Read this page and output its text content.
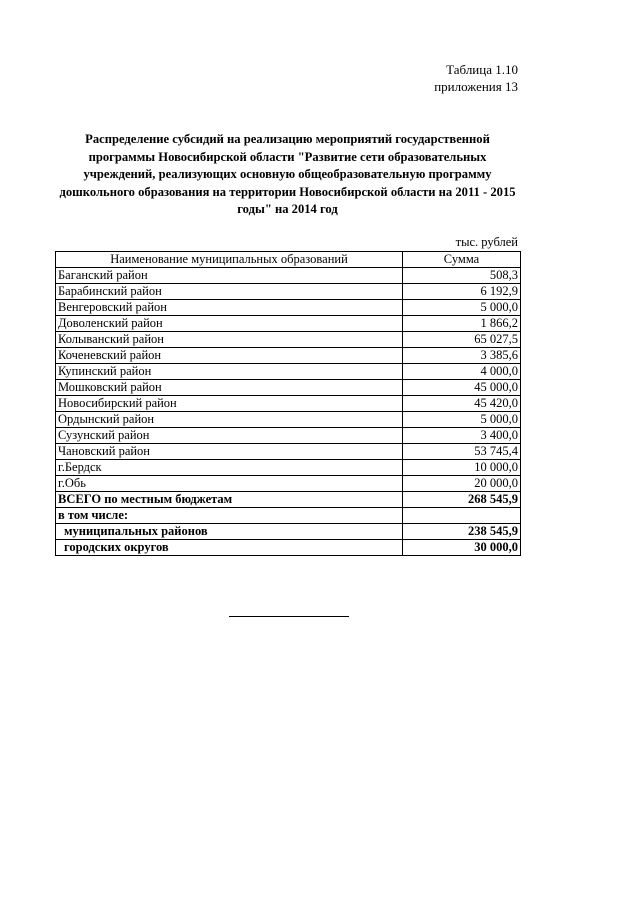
Таблица 1.10
приложения 13
Распределение субсидий на реализацию мероприятий государственной программы Новосибирской области "Развитие сети образовательных учреждений, реализующих основную общеобразовательную программу дошкольного образования на территории Новосибирской области на 2011 - 2015 годы" на 2014 год
тыс. рублей
Наименование муниципальных образований	Сумма
Баганский район	508,3
Барабинский район	6 192,9
Венгеровский район	5 000,0
Доволенский район	1 866,2
Колыванский район	65 027,5
Коченевский район	3 385,6
Купинский район	4 000,0
Мошковский район	45 000,0
Новосибирский район	45 420,0
Ордынский район	5 000,0
Сузунский район	3 400,0
Чановский район	53 745,4
г.Бердск	10 000,0
г.Обь	20 000,0
ВСЕГО по местным бюджетам	268 545,9
в том числе:	
муниципальных районов	238 545,9
городских округов	30 000,0
